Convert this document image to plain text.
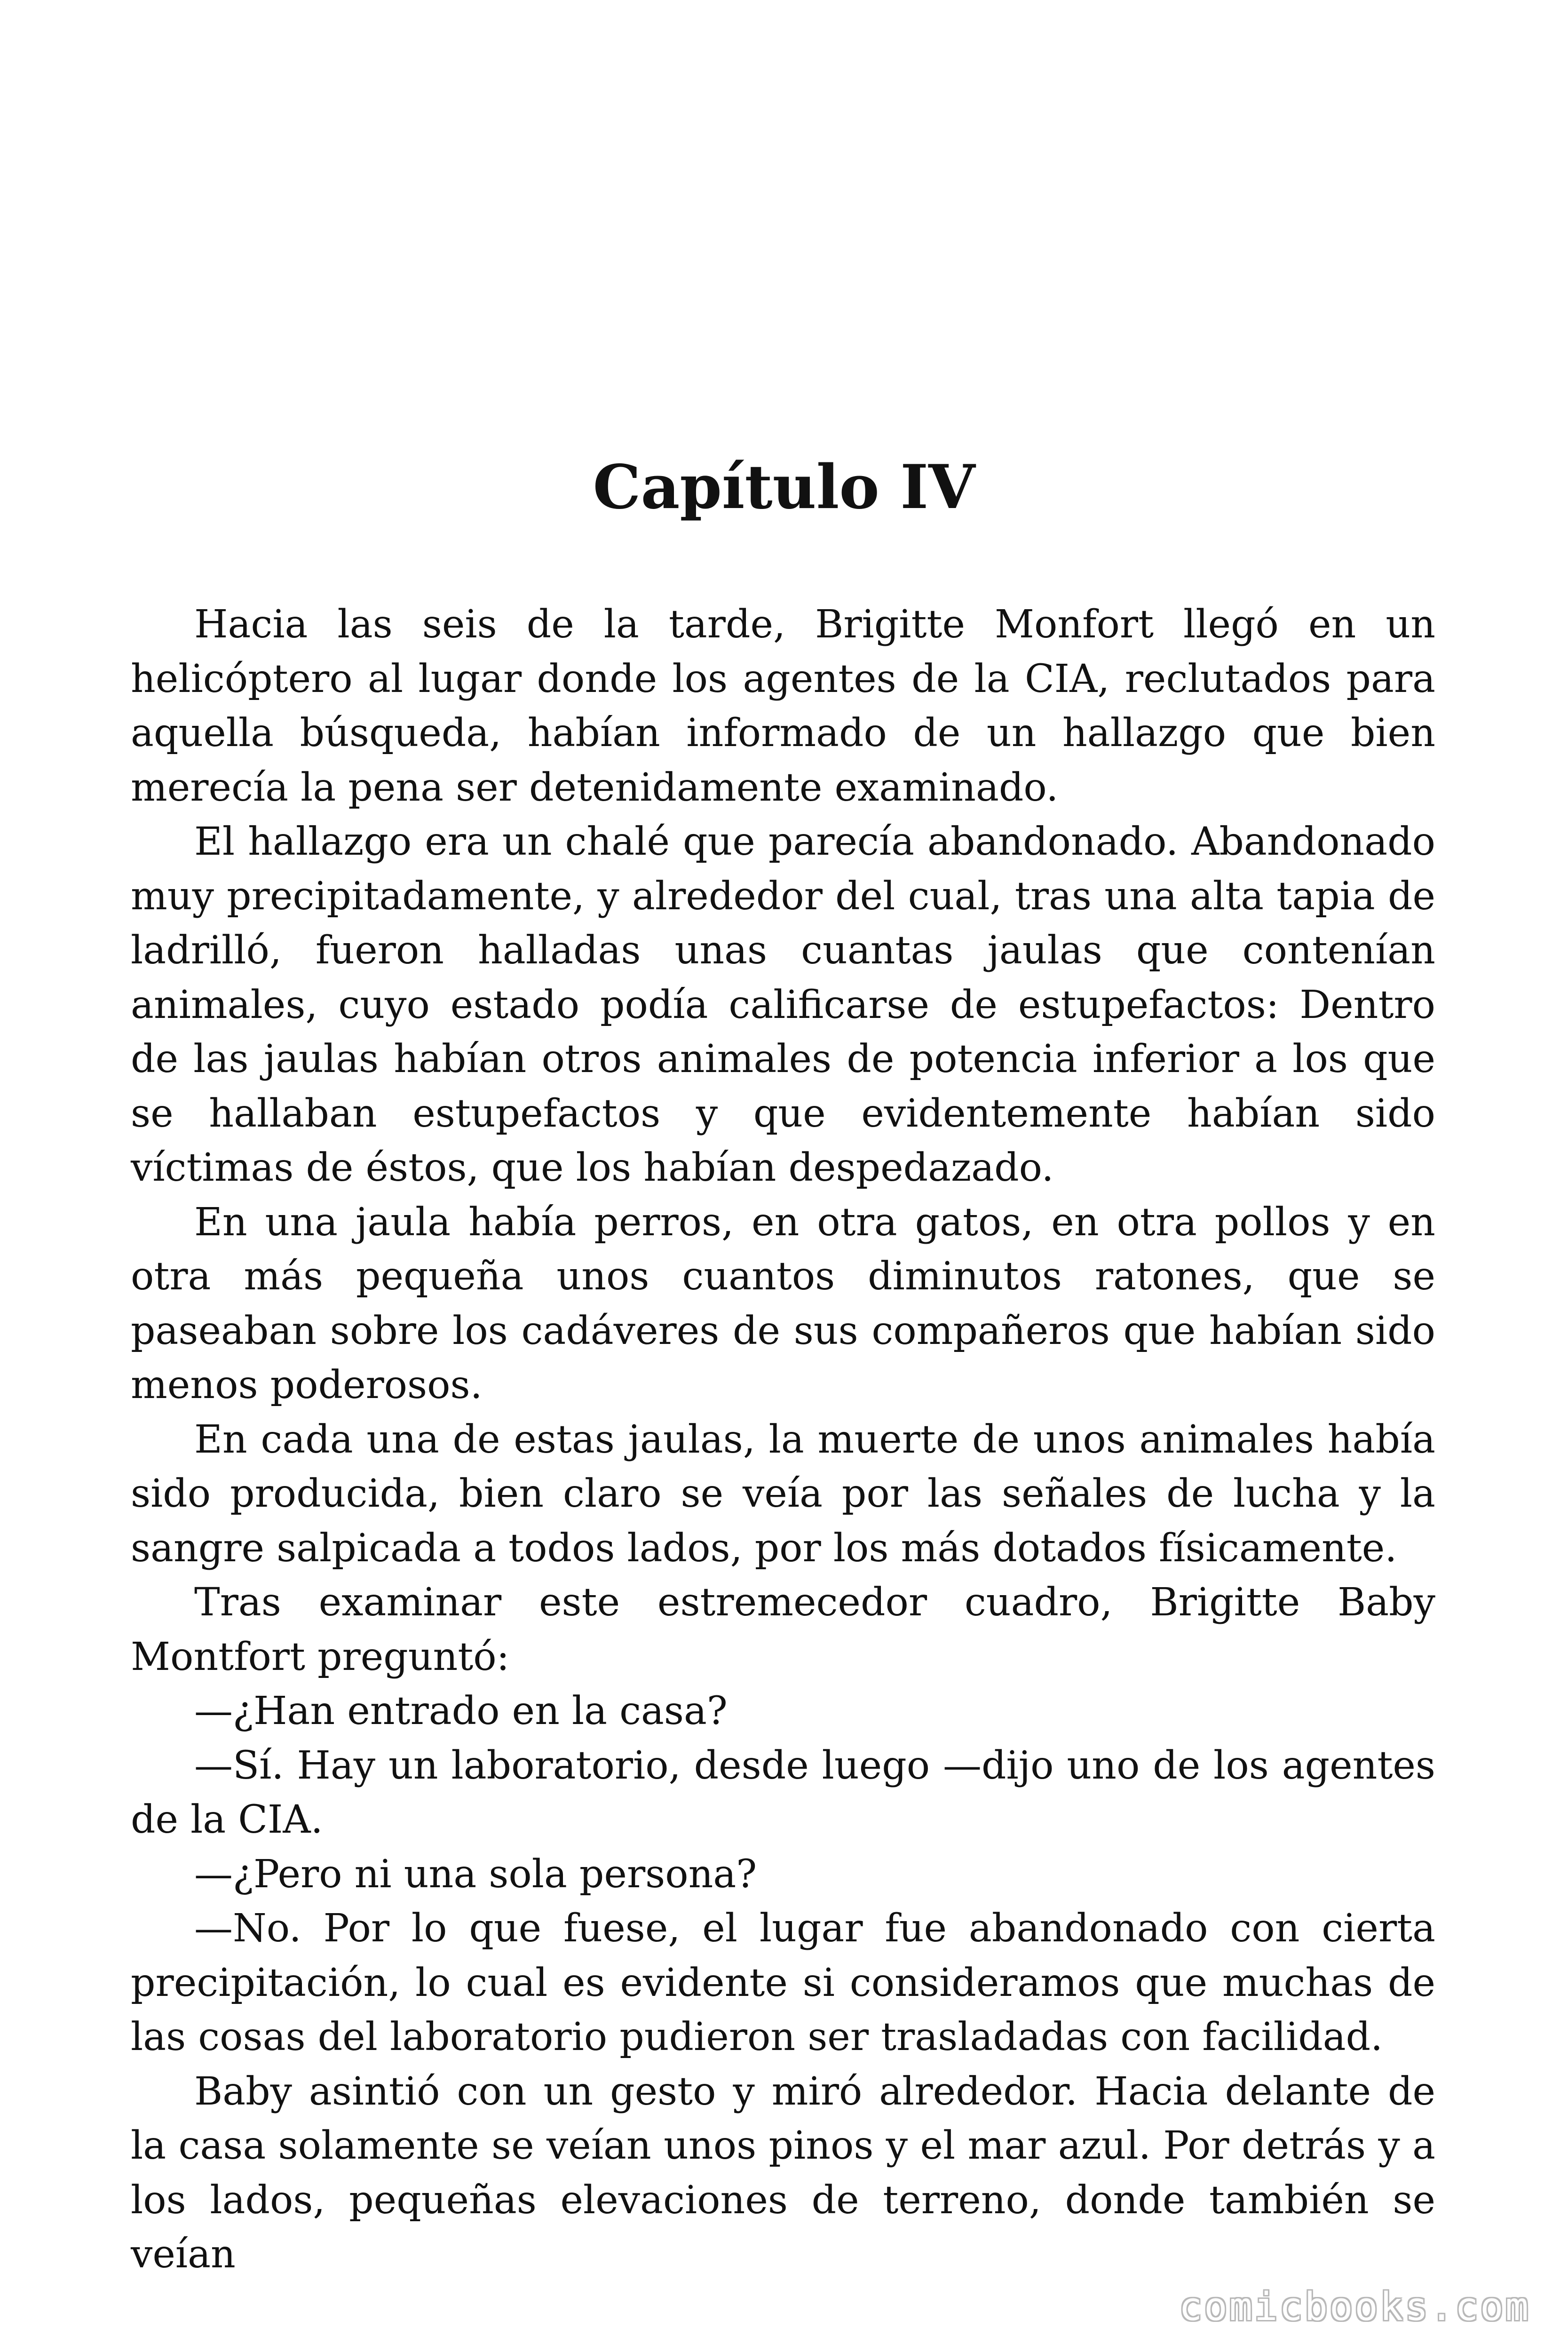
Capítulo IV

Hacia las seis de la tarde, Brigitte Monfort llegó en un helicóptero al lugar donde los agentes de la CIA, reclutados para aquella búsqueda, habían informado de un hallazgo que bien merecía la pena ser detenidamente examinado.

El hallazgo era un chalé que parecía abandonado. Abandonado muy precipitadamente, y alrededor del cual, tras una alta tapia de ladrilló, fueron halladas unas cuantas jaulas que contenían animales, cuyo estado podía calificarse de estupefactos: Dentro de las jaulas habían otros animales de potencia inferior a los que se hallaban estupefactos y que evidentemente habían sido víctimas de éstos, que los habían despedazado.

En una jaula había perros, en otra gatos, en otra pollos y en otra más pequeña unos cuantos diminutos ratones, que se paseaban sobre los cadáveres de sus compañeros que habían sido menos poderosos.

En cada una de estas jaulas, la muerte de unos animales había sido producida, bien claro se veía por las señales de lucha y la sangre salpicada a todos lados, por los más dotados físicamente.

Tras examinar este estremecedor cuadro, Brigitte Baby Montfort preguntó:

—¿Han entrado en la casa?

—Sí. Hay un laboratorio, desde luego —dijo uno de los agentes de la CIA.

—¿Pero ni una sola persona?

—No. Por lo que fuese, el lugar fue abandonado con cierta precipitación, lo cual es evidente si consideramos que muchas de las cosas del laboratorio pudieron ser trasladadas con facilidad.

Baby asintió con un gesto y miró alrededor. Hacia delante de la casa solamente se veían unos pinos y el mar azul. Por detrás y a los lados, pequeñas elevaciones de terreno, donde también se veían

comicbooks.com
